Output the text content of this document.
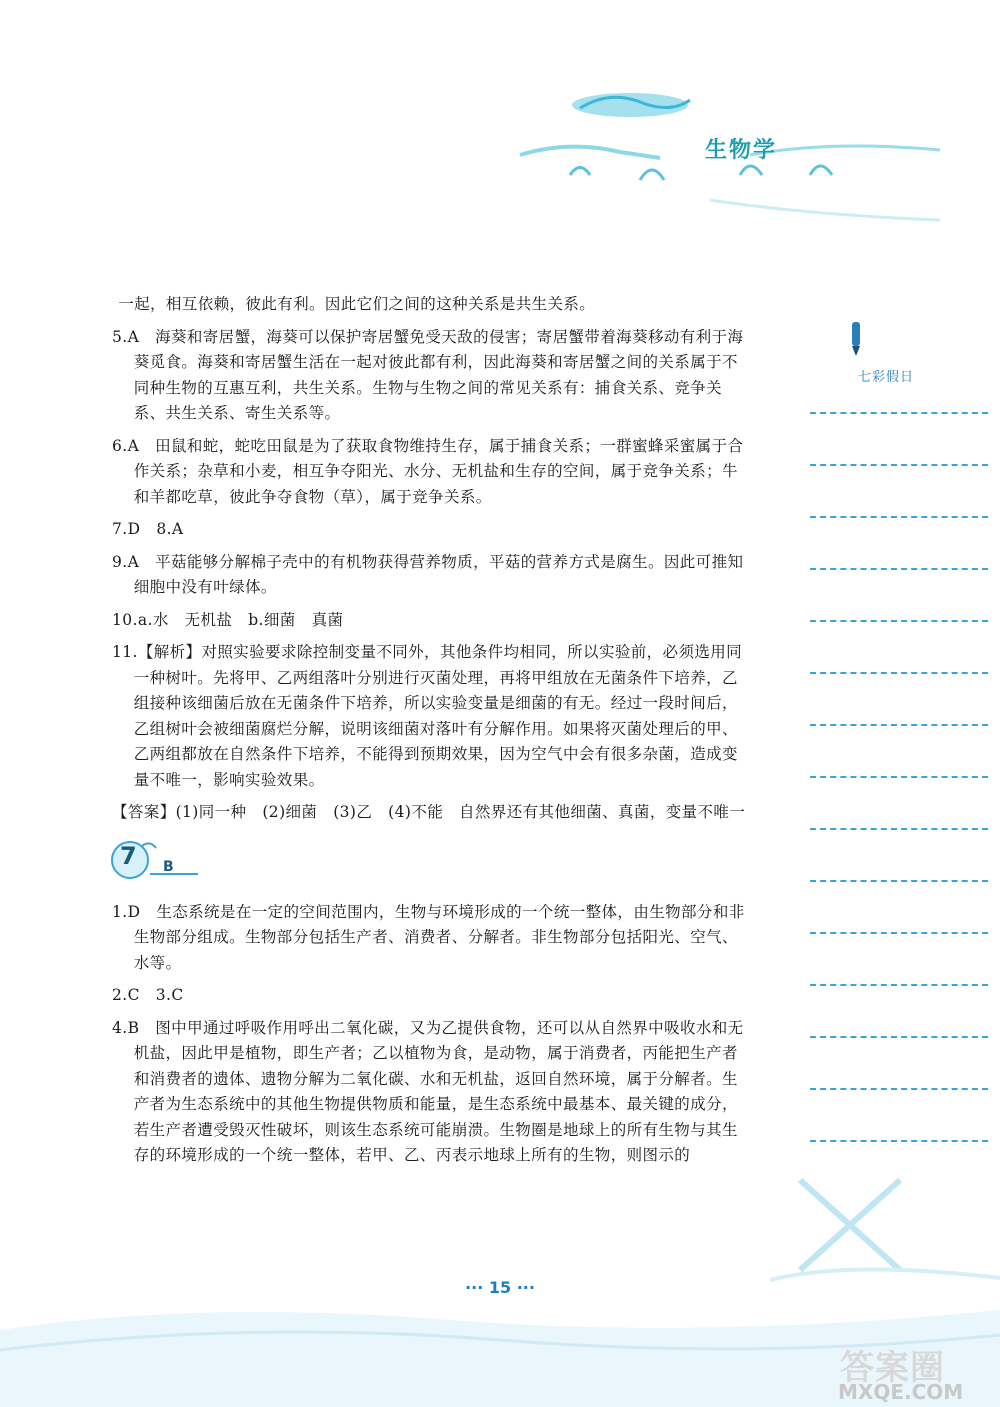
生物学
七彩假日

一起，相互依赖，彼此有利。因此它们之间的这种关系是共生关系。

5.A　海葵和寄居蟹，海葵可以保护寄居蟹免受天敌的侵害；寄居蟹带着海葵移动有利于海葵觅食。海葵和寄居蟹生活在一起对彼此都有利，因此海葵和寄居蟹之间的关系属于不同种生物的互惠互利，共生关系。生物与生物之间的常见关系有：捕食关系、竞争关系、共生关系、寄生关系等。

6.A　田鼠和蛇，蛇吃田鼠是为了获取食物维持生存，属于捕食关系；一群蜜蜂采蜜属于合作关系；杂草和小麦，相互争夺阳光、水分、无机盐和生存的空间，属于竞争关系；牛和羊都吃草，彼此争夺食物（草），属于竞争关系。

7.D　8.A

9.A　平菇能够分解棉子壳中的有机物获得营养物质，平菇的营养方式是腐生。因此可推知细胞中没有叶绿体。

10.a.水　无机盐　b.细菌　真菌

11.【解析】对照实验要求除控制变量不同外，其他条件均相同，所以实验前，必须选用同一种树叶。先将甲、乙两组落叶分别进行灭菌处理，再将甲组放在无菌条件下培养，乙组接种该细菌后放在无菌条件下培养，所以实验变量是细菌的有无。经过一段时间后，乙组树叶会被细菌腐烂分解，说明该细菌对落叶有分解作用。如果将灭菌处理后的甲、乙两组都放在自然条件下培养，不能得到预期效果，因为空气中会有很多杂菌，造成变量不唯一，影响实验效果。

【答案】(1)同一种　(2)细菌　(3)乙　(4)不能　自然界还有其他细菌、真菌，变量不唯一

7 B

1.D　生态系统是在一定的空间范围内，生物与环境形成的一个统一整体，由生物部分和非生物部分组成。生物部分包括生产者、消费者、分解者。非生物部分包括阳光、空气、水等。

2.C　3.C

4.B　图中甲通过呼吸作用呼出二氧化碳，又为乙提供食物，还可以从自然界中吸收水和无机盐，因此甲是植物，即生产者；乙以植物为食，是动物，属于消费者，丙能把生产者和消费者的遗体、遗物分解为二氧化碳、水和无机盐，返回自然环境，属于分解者。生产者为生态系统中的其他生物提供物质和能量，是生态系统中最基本、最关键的成分，若生产者遭受毁灭性破坏，则该生态系统可能崩溃。生物圈是地球上的所有生物与其生存的环境形成的一个统一整体，若甲、乙、丙表示地球上所有的生物，则图示的

··· 15 ···
答案圈
MXQE.COM
